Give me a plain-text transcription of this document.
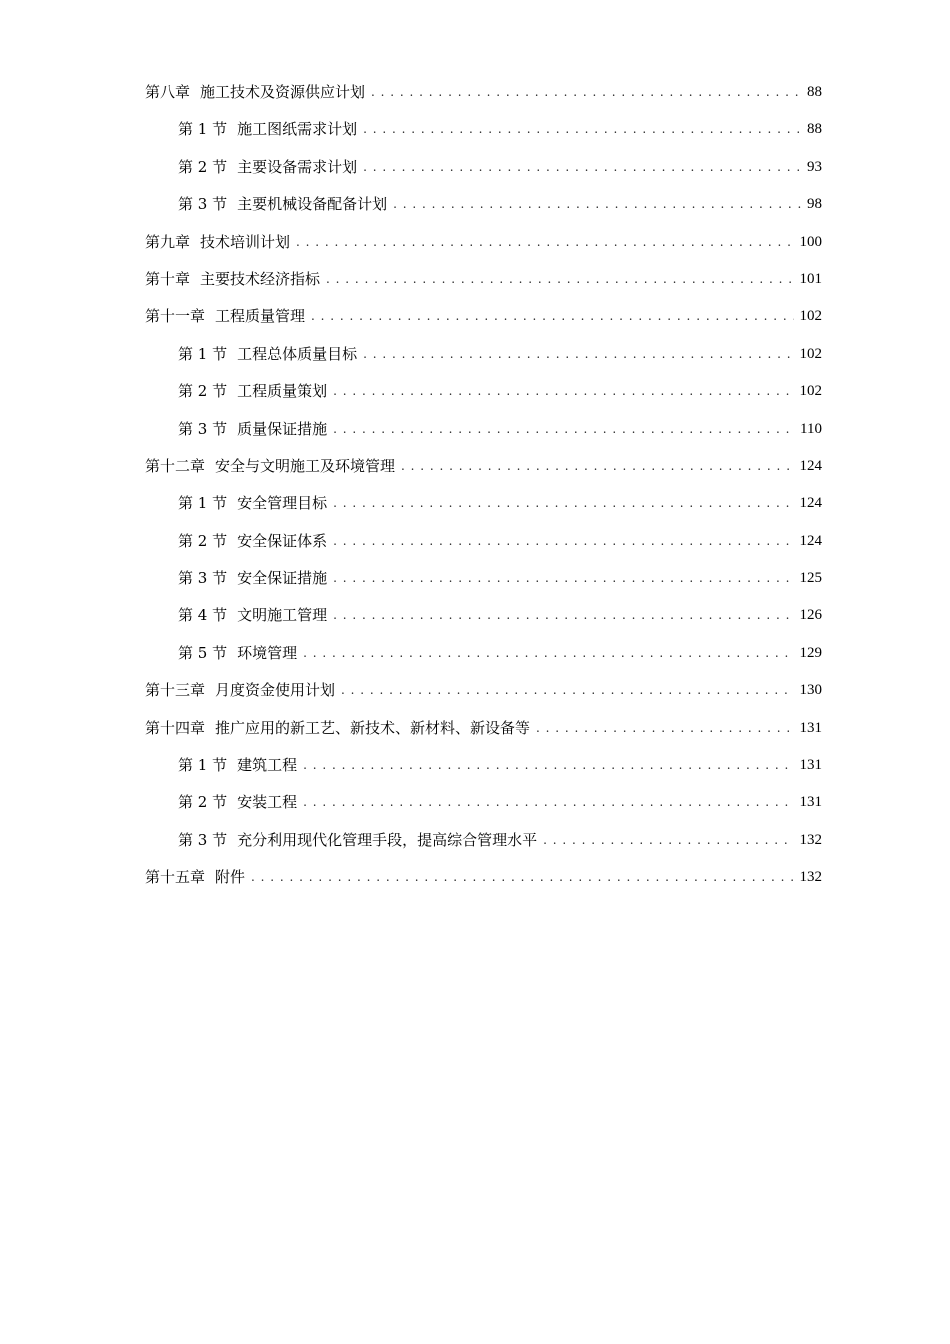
第八章 施工技术及资源供应计划 . . .	88
第 1 节 施工图纸需求计划 . . .	88
第 2 节 主要设备需求计划 . . .	93
第 3 节 主要机械设备配备计划 . . .	98
第九章 技术培训计划 . . .	100
第十章 主要技术经济指标 . . .	101
第十一章 工程质量管理 . . .	102
第 1 节 工程总体质量目标 . . .	102
第 2 节 工程质量策划 . . .	102
第 3 节 质量保证措施 . . .	110
第十二章 安全与文明施工及环境管理 . . .	124
第 1 节 安全管理目标 . . .	124
第 2 节 安全保证体系 . . .	124
第 3 节 安全保证措施 . . .	125
第 4 节 文明施工管理 . . .	126
第 5 节 环境管理 . . .	129
第十三章 月度资金使用计划 . . .	130
第十四章 推广应用的新工艺、新技术、新材料、新设备等 . . .	131
第 1 节 建筑工程 . . .	131
第 2 节 安装工程 . . .	131
第 3 节 充分利用现代化管理手段，提高综合管理水平 . . .	132
第十五章 附件 . . .	132
